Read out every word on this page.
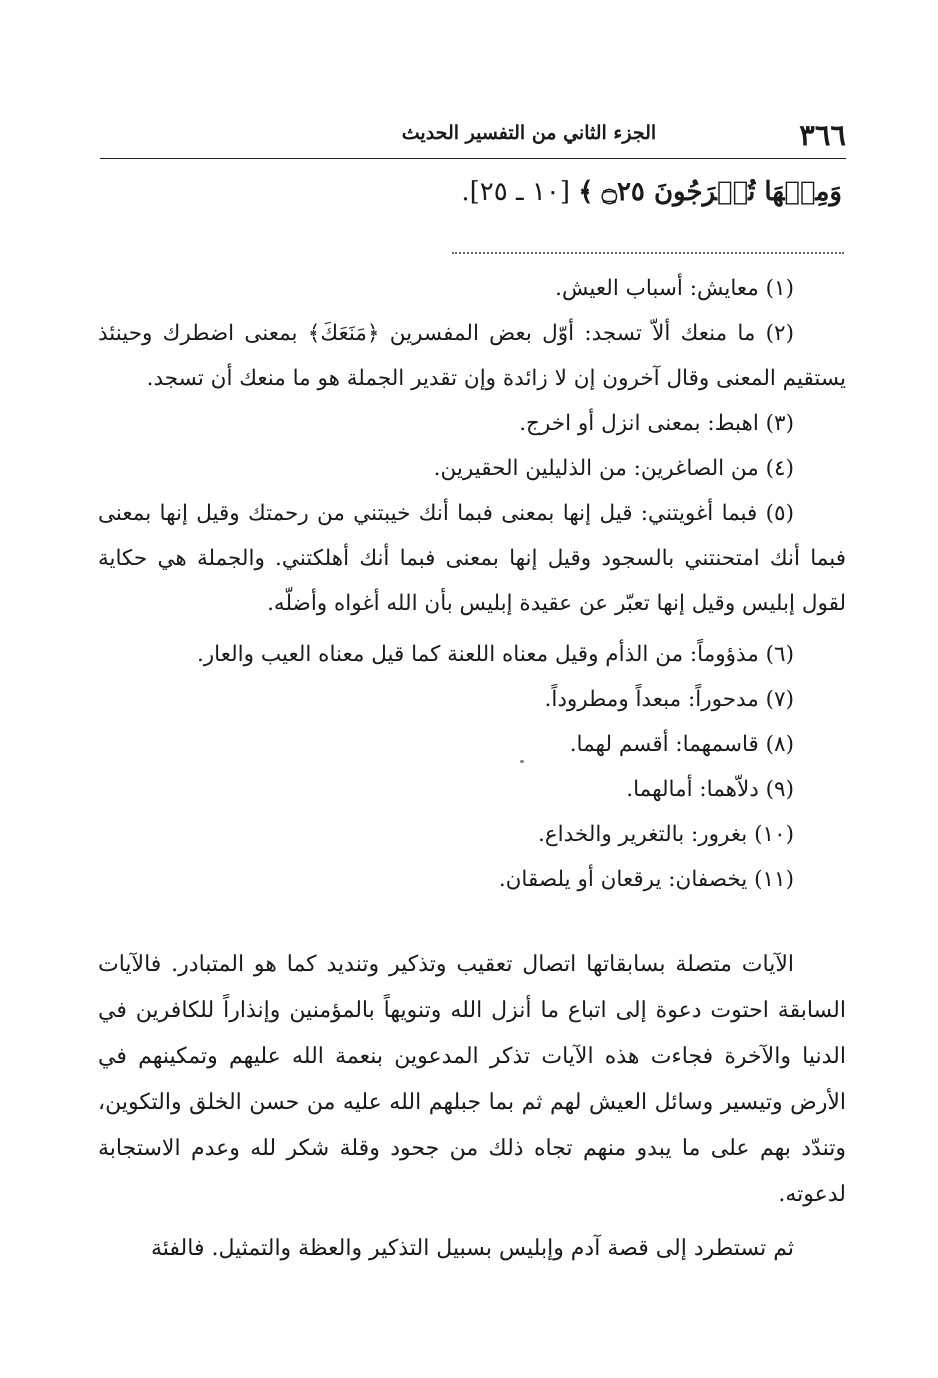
٣٦٦
الجزء الثاني من التفسير الحديث
وَمِنۡهَا تُخۡرَجُونَ ۝٢٥ ﴾ [١٠ ـ ٢٥].
(١) معايش: أسباب العيش.
(٢) ما منعك ألاّ تسجد: أوّل بعض المفسرين ﴿مَنَعَكَ﴾ بمعنى اضطرك وحينئذ يستقيم المعنى وقال آخرون إن لا زائدة وإن تقدير الجملة هو ما منعك أن تسجد.
(٣) اهبط: بمعنى انزل أو اخرج.
(٤) من الصاغرين: من الذليلين الحقيرين.
(٥) فبما أغويتني: قيل إنها بمعنى فبما أنك خيبتني من رحمتك وقيل إنها بمعنى فبما أنك امتحنتني بالسجود وقيل إنها بمعنى فبما أنك أهلكتني. والجملة هي حكاية لقول إبليس وقيل إنها تعبّر عن عقيدة إبليس بأن الله أغواه وأضلّه.
(٦) مذؤوماً: من الذأم وقيل معناه اللعنة كما قيل معناه العيب والعار.
(٧) مدحوراً: مبعداً ومطروداً.
(٨) قاسمهما: أقسم لهما.
(٩) دلاّهما: أمالهما.
(١٠) بغرور: بالتغرير والخداع.
(١١) يخصفان: يرقعان أو يلصقان.

الآيات متصلة بسابقاتها اتصال تعقيب وتذكير وتنديد كما هو المتبادر. فالآيات السابقة احتوت دعوة إلى اتباع ما أنزل الله وتنويهاً بالمؤمنين وإنذاراً للكافرين في الدنيا والآخرة فجاءت هذه الآيات تذكر المدعوين بنعمة الله عليهم وتمكينهم في الأرض وتيسير وسائل العيش لهم ثم بما جبلهم الله عليه من حسن الخلق والتكوين، وتندّد بهم على ما يبدو منهم تجاه ذلك من جحود وقلة شكر لله وعدم الاستجابة لدعوته.

ثم تستطرد إلى قصة آدم وإبليس بسبيل التذكير والعظة والتمثيل. فالفئة
